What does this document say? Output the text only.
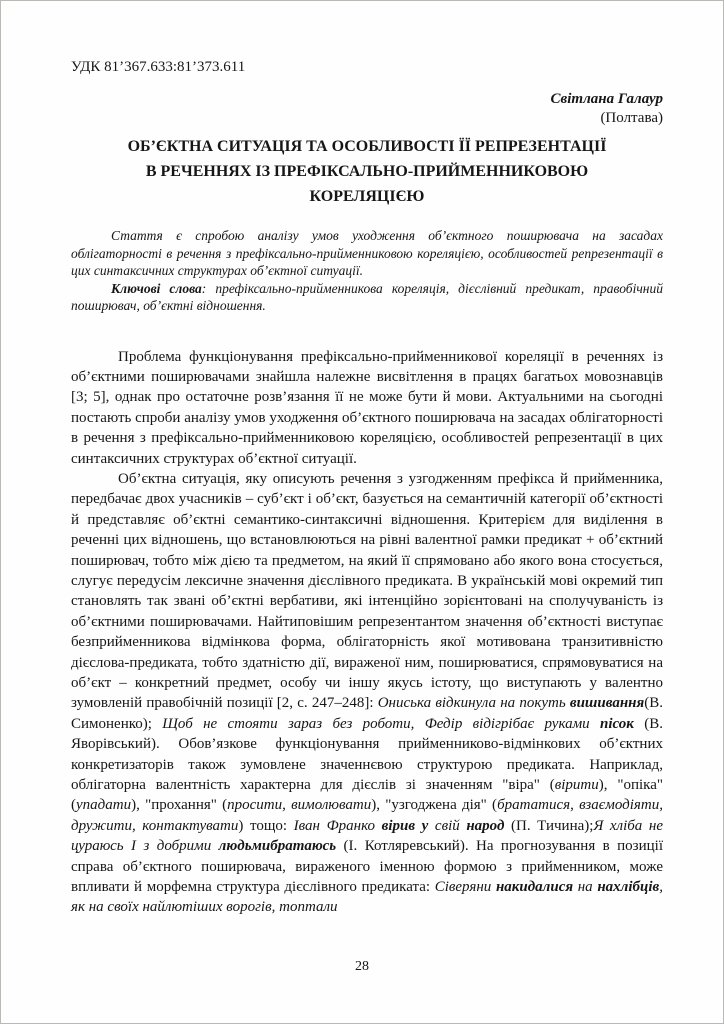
УДК 81’367.633:81’373.611

Світлана Галаур
(Полтава)
ОБ’ЄКТНА СИТУАЦІЯ ТА ОСОБЛИВОСТІ ЇЇ РЕПРЕЗЕНТАЦІЇ
В РЕЧЕННЯХ ІЗ ПРЕФІКСАЛЬНО-ПРИЙМЕННИКОВОЮ
КОРЕЛЯЦІЄЮ

Стаття є спробою аналізу умов уходження об’єктного поширювача на засадах облігаторності в речення з префіксально-прийменниковою кореляцією, особливостей репрезентації в цих синтаксичних структурах об’єктної ситуації.

Ключові слова: префіксально-прийменникова кореляція, дієслівний предикат, правобічний поширювач, об’єктні відношення.

Проблема функціонування префіксально-прийменникової кореляції в реченнях із об’єктними поширювачами знайшла належне висвітлення в працях багатьох мовознавців [3; 5], однак про остаточне розв’язання її не може бути й мови. Актуальними на сьогодні постають спроби аналізу умов уходження об’єктного поширювача на засадах облігаторності в речення з префіксально-прийменниковою кореляцією, особливостей репрезентації в цих синтаксичних структурах об’єктної ситуації.

Об’єктна ситуація, яку описують речення з узгодженням префікса й прийменника, передбачає двох учасників – суб’єкт і об’єкт, базується на семантичній категорії об’єктності й представляє об’єктні семантико-синтаксичні відношення. Критерієм для виділення в реченні цих відношень, що встановлюються на рівні валентної рамки предикат + об’єктний поширювач, тобто між дією та предметом, на який її спрямовано або якого вона стосується, слугує передусім лексичне значення дієслівного предиката. В українській мові окремий тип становлять так звані об’єктні вербативи, які інтенційно зорієнтовані на сполучуваність із об’єктними поширювачами. Найтиповішим репрезентантом значення об’єктності виступає безприйменникова відмінкова форма, облігаторність якої мотивована транзитивністю дієслова-предиката, тобто здатністю дії, вираженої ним, поширюватися, спрямовуватися на об’єкт – конкретний предмет, особу чи іншу якусь істоту, що виступають у валентно зумовленій правобічній позиції [2, с. 247–248]: Ониська відкинула на покуть вишивання(В. Симоненко); Щоб не стояти зараз без роботи, Федір відігрібає руками пісок (В. Яворівський). Обов’язкове функціонування прийменниково-відмінкових об’єктних конкретизаторів також зумовлене значеннєвою структурою предиката. Наприклад, облігаторна валентність характерна для дієслів зі значенням "віра" (вірити), "опіка" (упадати), "прохання" (просити, вимолювати), "узгоджена дія" (брататися, взаємодіяти, дружити, контактувати) тощо: Іван Франко вірив у свій народ (П. Тичина);Я хліба не цураюсь І з добрими людьмибратаюсь (І. Котляревський). На прогнозування в позиції справа об’єктного поширювача, вираженого іменною формою з прийменником, може впливати й морфемна структура дієслівного предиката: Сіверяни накидалися на нахлібців, як на своїх найлютіших ворогів, топтали

28
